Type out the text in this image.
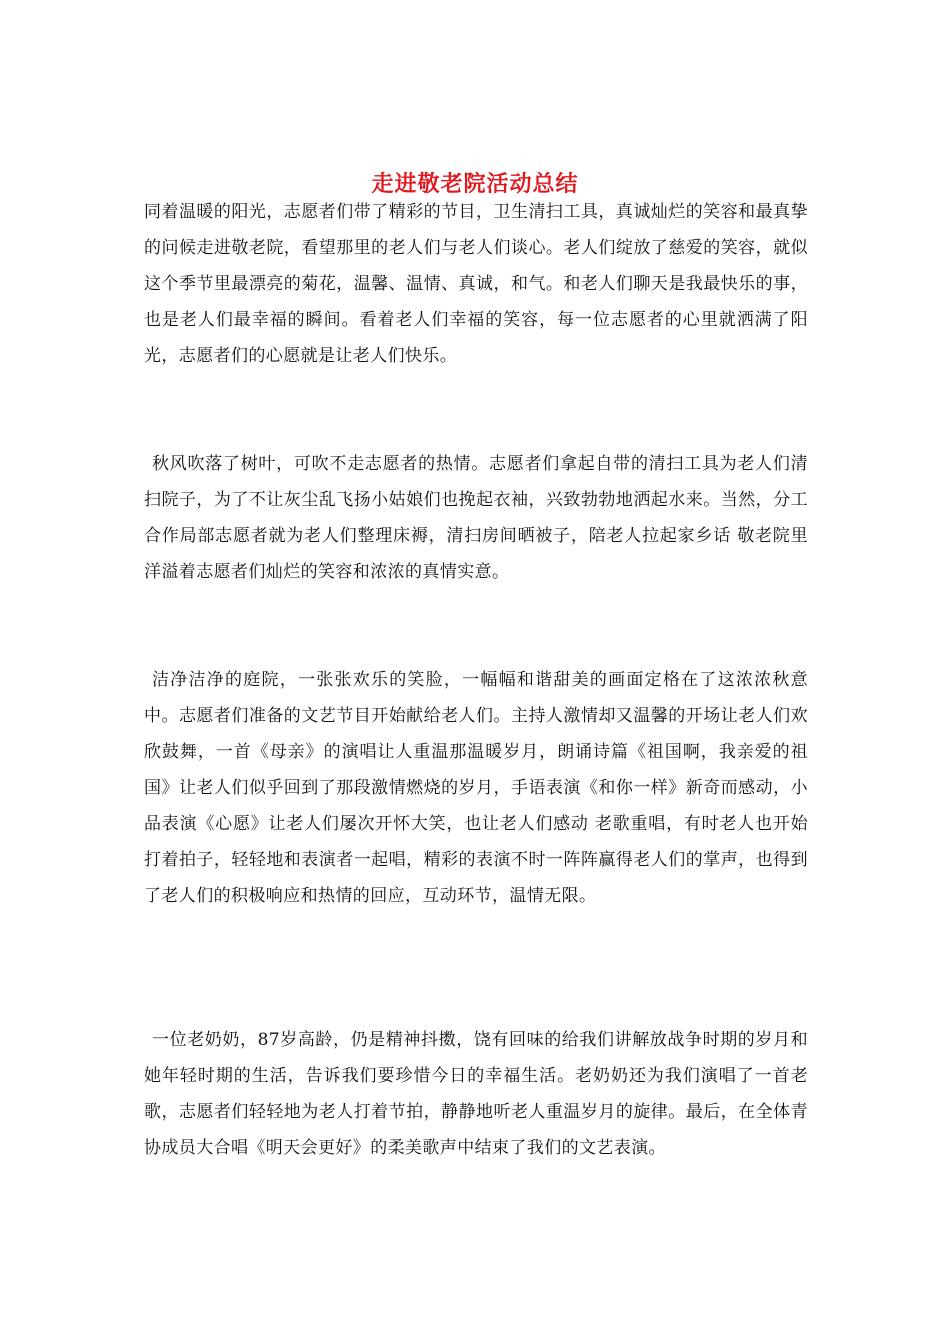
走进敬老院活动总结

同着温暖的阳光，志愿者们带了精彩的节目，卫生清扫工具，真诚灿烂的笑容和最真挚的问候走进敬老院，看望那里的老人们与老人们谈心。老人们绽放了慈爱的笑容，就似这个季节里最漂亮的菊花，温馨、温情、真诚，和气。和老人们聊天是我最快乐的事，也是老人们最幸福的瞬间。看着老人们幸福的笑容，每一位志愿者的心里就洒满了阳光，志愿者们的心愿就是让老人们快乐。

秋风吹落了树叶，可吹不走志愿者的热情。志愿者们拿起自带的清扫工具为老人们清扫院子，为了不让灰尘乱飞扬小姑娘们也挽起衣袖，兴致勃勃地洒起水来。当然，分工合作局部志愿者就为老人们整理床褥，清扫房间晒被子，陪老人拉起家乡话 敬老院里洋溢着志愿者们灿烂的笑容和浓浓的真情实意。

洁净洁净的庭院，一张张欢乐的笑脸，一幅幅和谐甜美的画面定格在了这浓浓秋意中。志愿者们准备的文艺节目开始献给老人们。主持人激情却又温馨的开场让老人们欢欣鼓舞，一首《母亲》的演唱让人重温那温暖岁月，朗诵诗篇《祖国啊，我亲爱的祖国》让老人们似乎回到了那段激情燃烧的岁月，手语表演《和你一样》新奇而感动，小品表演《心愿》让老人们屡次开怀大笑，也让老人们感动 老歌重唱，有时老人也开始打着拍子，轻轻地和表演者一起唱，精彩的表演不时一阵阵赢得老人们的掌声，也得到了老人们的积极响应和热情的回应，互动环节，温情无限。

一位老奶奶，87岁高龄，仍是精神抖擞，饶有回味的给我们讲解放战争时期的岁月和她年轻时期的生活，告诉我们要珍惜今日的幸福生活。老奶奶还为我们演唱了一首老歌，志愿者们轻轻地为老人打着节拍，静静地听老人重温岁月的旋律。最后，在全体青协成员大合唱《明天会更好》的柔美歌声中结束了我们的文艺表演。
